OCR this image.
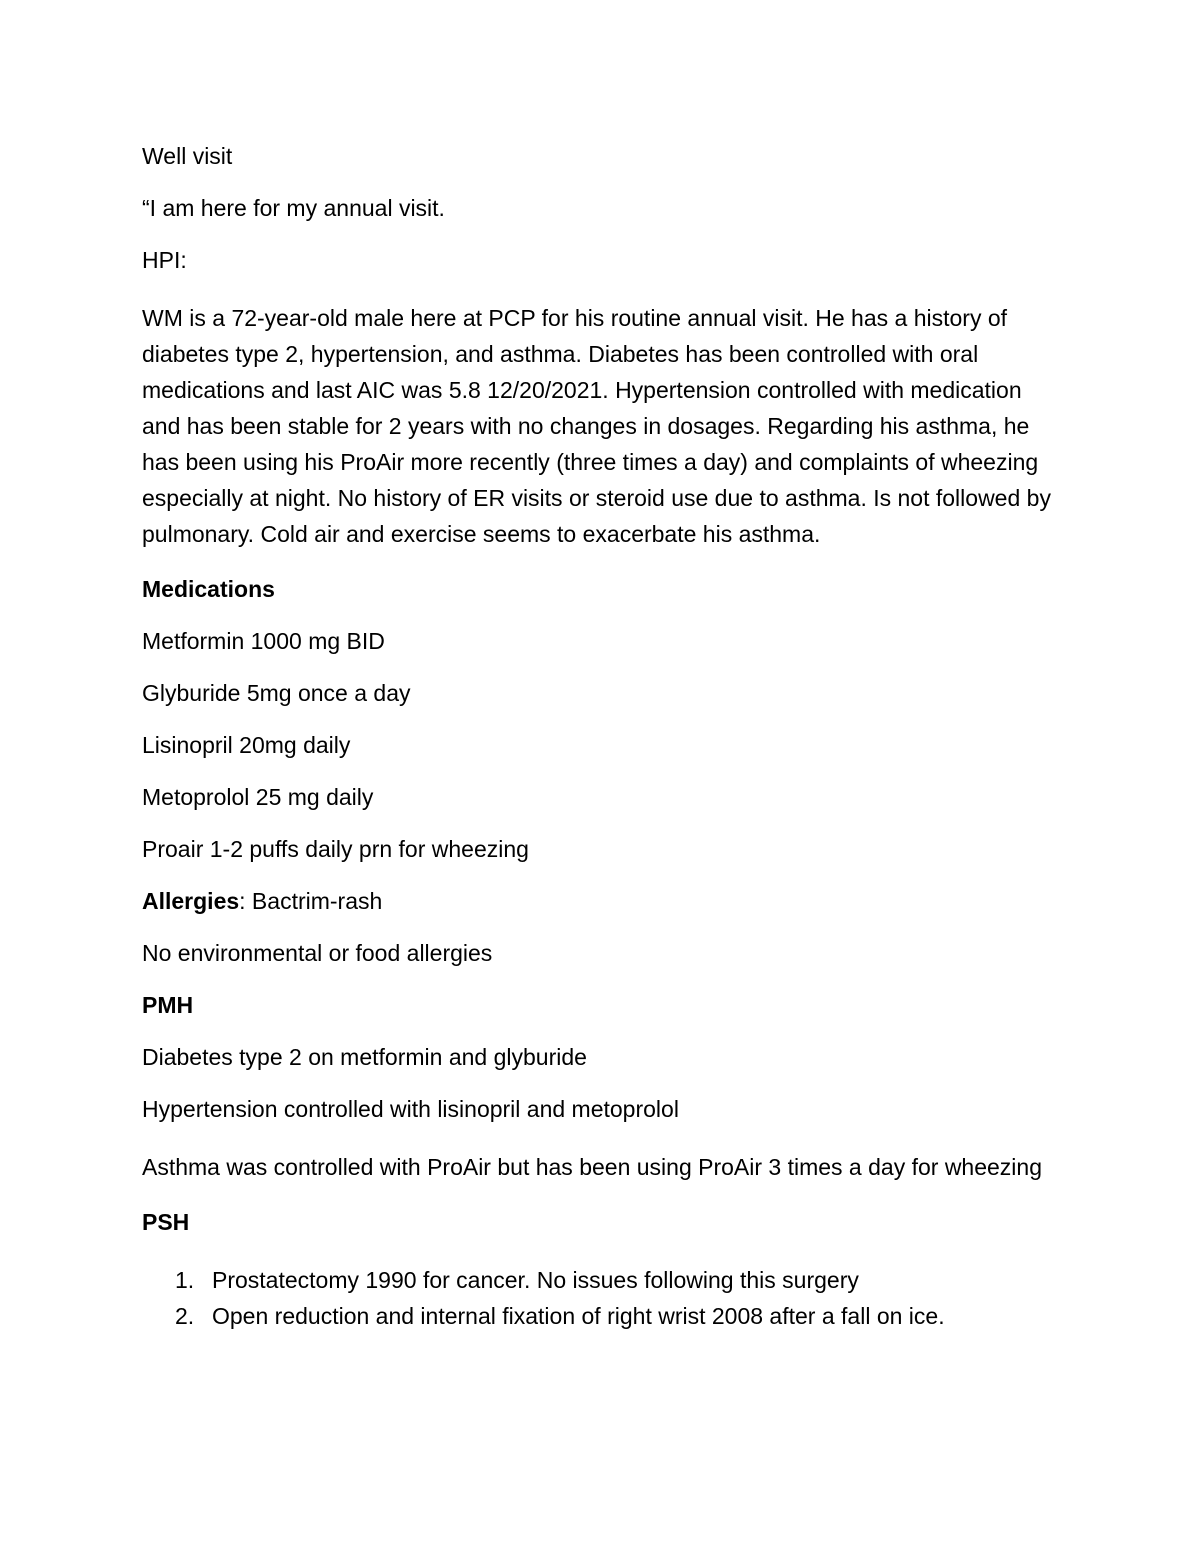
Well visit

“I am here for my annual visit.

HPI:

WM is a 72-year-old male here at PCP for his routine annual visit. He has a history of diabetes type 2, hypertension, and asthma. Diabetes has been controlled with oral medications and last AIC was 5.8 12/20/2021. Hypertension controlled with medication and has been stable for 2 years with no changes in dosages. Regarding his asthma, he has been using his ProAir more recently (three times a day) and complaints of wheezing especially at night. No history of ER visits or steroid use due to asthma. Is not followed by pulmonary. Cold air and exercise seems to exacerbate his asthma.

Medications

Metformin 1000 mg BID

Glyburide 5mg once a day

Lisinopril 20mg daily

Metoprolol 25 mg daily

Proair 1-2 puffs daily prn for wheezing

Allergies: Bactrim-rash

No environmental or food allergies

PMH

Diabetes type 2 on metformin and glyburide

Hypertension controlled with lisinopril and metoprolol

Asthma was controlled with ProAir but has been using ProAir 3 times a day for wheezing

PSH

1. Prostatectomy 1990 for cancer. No issues following this surgery
2. Open reduction and internal fixation of right wrist 2008 after a fall on ice.
